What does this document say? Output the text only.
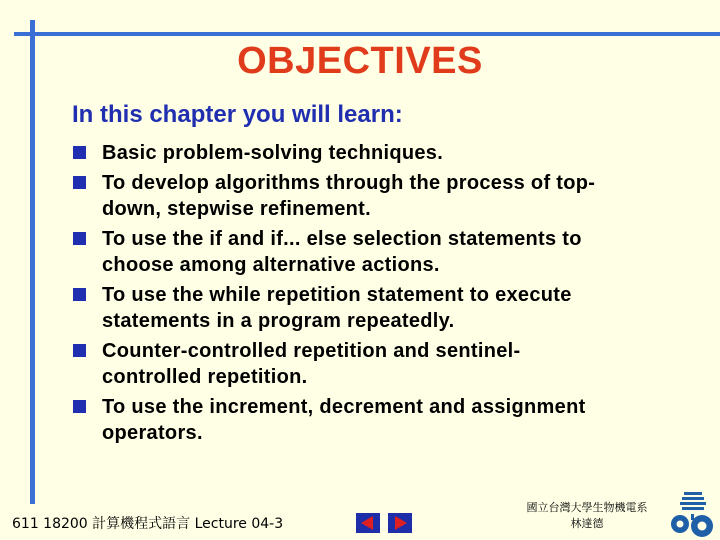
OBJECTIVES
In this chapter you will learn:
Basic problem-solving techniques.
To develop algorithms through the process of top-
down, stepwise refinement.
To use the if and if... else selection statements to
choose among alternative actions.
To use the while repetition statement to execute
statements in a program repeatedly.
Counter-controlled repetition and sentinel-
controlled repetition.
To use the increment, decrement and assignment
operators.
611 18200 計算機程式語言 Lecture 04-3
國立台灣大學生物機電系
林達德
